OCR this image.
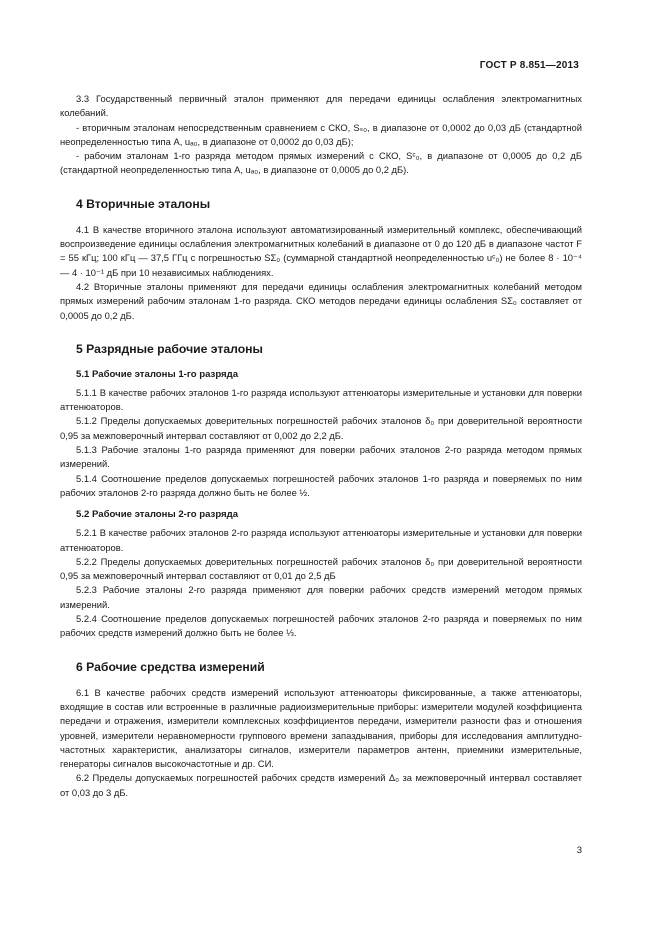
ГОСТ Р 8.851—2013

3.3 Государственный первичный эталон применяют для передачи единицы ослабления электромагнитных колебаний.

- вторичным эталонам непосредственным сравнением с СКО, Sₛ₀, в диапазоне от 0,0002 до 0,03 дБ (стандартной неопределенностью типа А, uₐ₀, в диапазоне от 0,0002 до 0,03 дБ);

- рабочим эталонам 1-го разряда методом прямых измерений с СКО, Sᶜ₀, в диапазоне от 0,0005 до 0,2 дБ (стандартной неопределенностью типа А, uₐ₀, в диапазоне от 0,0005 до 0,2 дБ).

4 Вторичные эталоны

4.1 В качестве вторичного эталона используют автоматизированный измерительный комплекс, обеспечивающий воспроизведение единицы ослабления электромагнитных колебаний в диапазоне от 0 до 120 дБ в диапазоне частот F = 55 кГц; 100 кГц — 37,5 ГГц с погрешностью SΣ₀ (суммарной стандартной неопределенностью uᶜ₀) не более 8 · 10⁻⁴ — 4 · 10⁻¹ дБ при 10 независимых наблюдениях.

4.2 Вторичные эталоны применяют для передачи единицы ослабления электромагнитных колебаний методом прямых измерений рабочим эталонам 1-го разряда. СКО методов передачи единицы ослабления SΣ₀ составляет от 0,0005 до 0,2 дБ.

5 Разрядные рабочие эталоны
5.1 Рабочие эталоны 1-го разряда

5.1.1 В качестве рабочих эталонов 1-го разряда используют аттенюаторы измерительные и установки для поверки аттенюаторов.

5.1.2 Пределы допускаемых доверительных погрешностей рабочих эталонов δ₀ при доверительной вероятности 0,95 за межповерочный интервал составляют от 0,002 до 2,2 дБ.

5.1.3 Рабочие эталоны 1-го разряда применяют для поверки рабочих эталонов 2-го разряда методом прямых измерений.

5.1.4 Соотношение пределов допускаемых погрешностей рабочих эталонов 1-го разряда и поверяемых по ним рабочих эталонов 2-го разряда должно быть не более ½.

5.2 Рабочие эталоны 2-го разряда

5.2.1 В качестве рабочих эталонов 2-го разряда используют аттенюаторы измерительные и установки для поверки аттенюаторов.

5.2.2 Пределы допускаемых доверительных погрешностей рабочих эталонов δ₀ при доверительной вероятности 0,95 за межповерочный интервал составляют от 0,01 до 2,5 дБ

5.2.3 Рабочие эталоны 2-го разряда применяют для поверки рабочих средств измерений методом прямых измерений.

5.2.4 Соотношение пределов допускаемых погрешностей рабочих эталонов 2-го разряда и поверяемых по ним рабочих средств измерений должно быть не более ⅓.

6 Рабочие средства измерений

6.1 В качестве рабочих средств измерений используют аттенюаторы фиксированные, а также аттенюаторы, входящие в состав или встроенные в различные радиоизмерительные приборы: измерители модулей коэффициента передачи и отражения, измерители комплексных коэффициентов передачи, измерители разности фаз и отношения уровней, измерители неравномерности группового времени запаздывания, приборы для исследования амплитудно-частотных характеристик, анализаторы сигналов, измерители параметров антенн, приемники измерительные, генераторы сигналов высокочастотные и др. СИ.

6.2 Пределы допускаемых погрешностей рабочих средств измерений Δ₀ за межповерочный интервал составляет от 0,03 до 3 дБ.

3
